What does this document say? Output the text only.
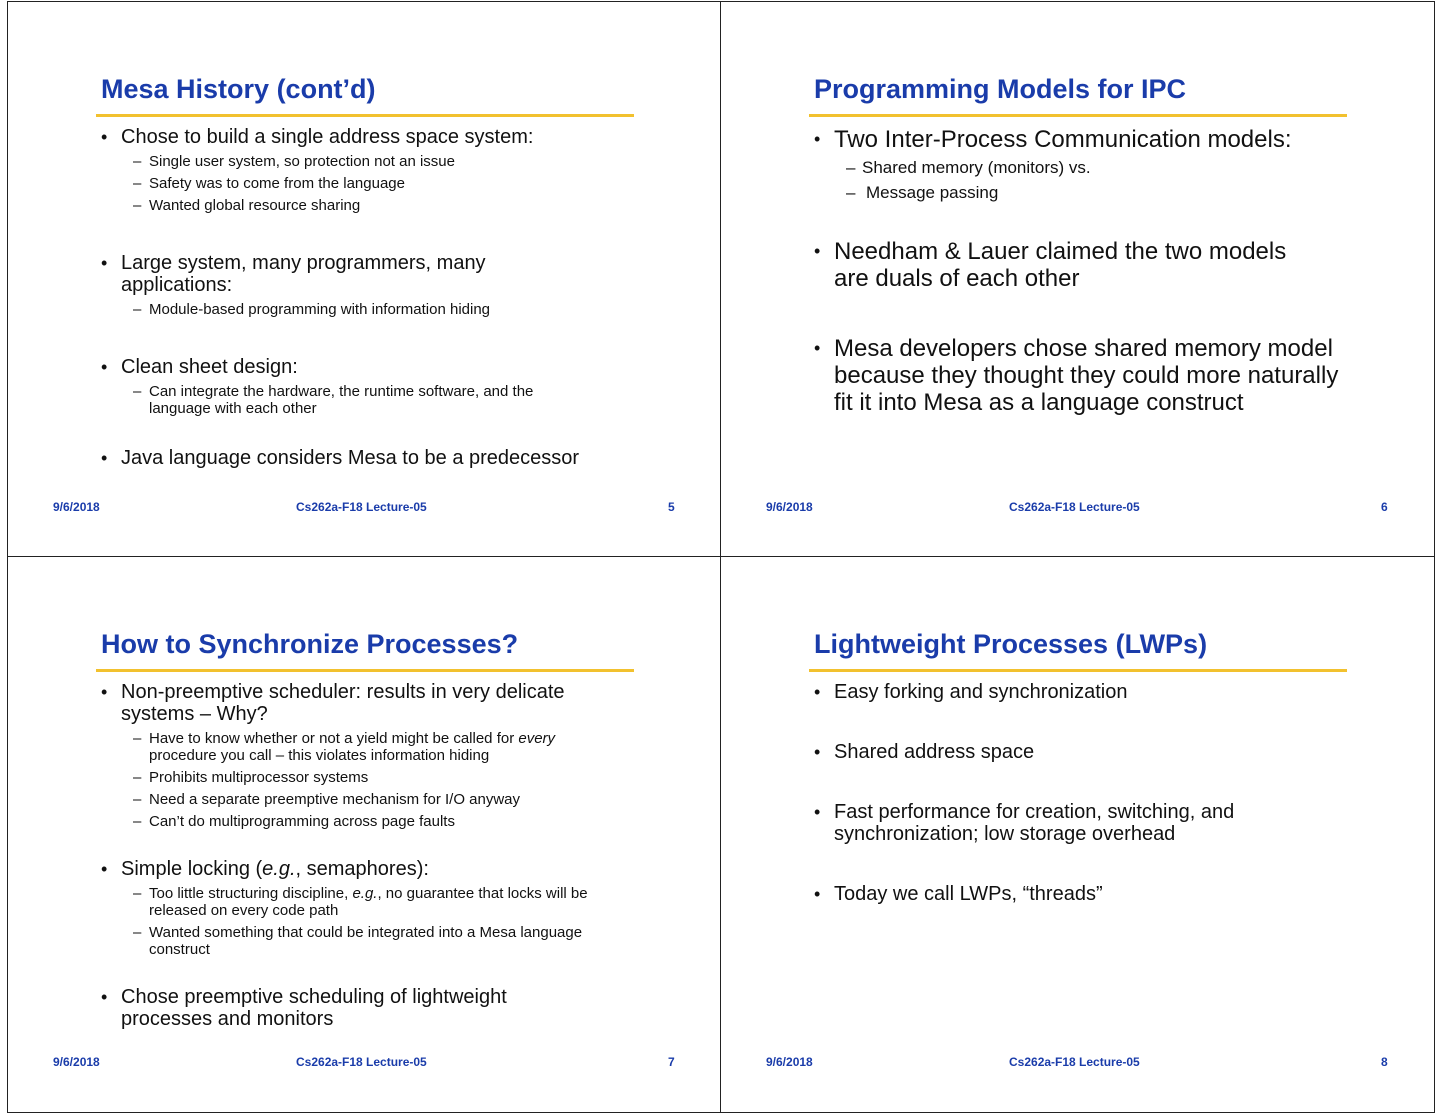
Mesa History (cont’d)
• Chose to build a single address space system:
– Single user system, so protection not an issue
– Safety was to come from the language
– Wanted global resource sharing
• Large system, many programmers, many applications:
– Module-based programming with information hiding
• Clean sheet design:
– Can integrate the hardware, the runtime software, and the language with each other
• Java language considers Mesa to be a predecessor
9/6/2018	Cs262a-F18 Lecture-05	5
Programming Models for IPC
• Two Inter-Process Communication models:
– Shared memory (monitors) vs.
– Message passing
• Needham & Lauer claimed the two models are duals of each other
• Mesa developers chose shared memory model because they thought they could more naturally fit it into Mesa as a language construct
9/6/2018	Cs262a-F18 Lecture-05	6
How to Synchronize Processes?
• Non-preemptive scheduler: results in very delicate systems – Why?
– Have to know whether or not a yield might be called for every procedure you call – this violates information hiding
– Prohibits multiprocessor systems
– Need a separate preemptive mechanism for I/O anyway
– Can’t do multiprogramming across page faults
• Simple locking (e.g., semaphores):
– Too little structuring discipline, e.g., no guarantee that locks will be released on every code path
– Wanted something that could be integrated into a Mesa language construct
• Chose preemptive scheduling of lightweight processes and monitors
9/6/2018	Cs262a-F18 Lecture-05	7
Lightweight Processes (LWPs)
• Easy forking and synchronization
• Shared address space
• Fast performance for creation, switching, and synchronization; low storage overhead
• Today we call LWPs, “threads”
9/6/2018	Cs262a-F18 Lecture-05	8
